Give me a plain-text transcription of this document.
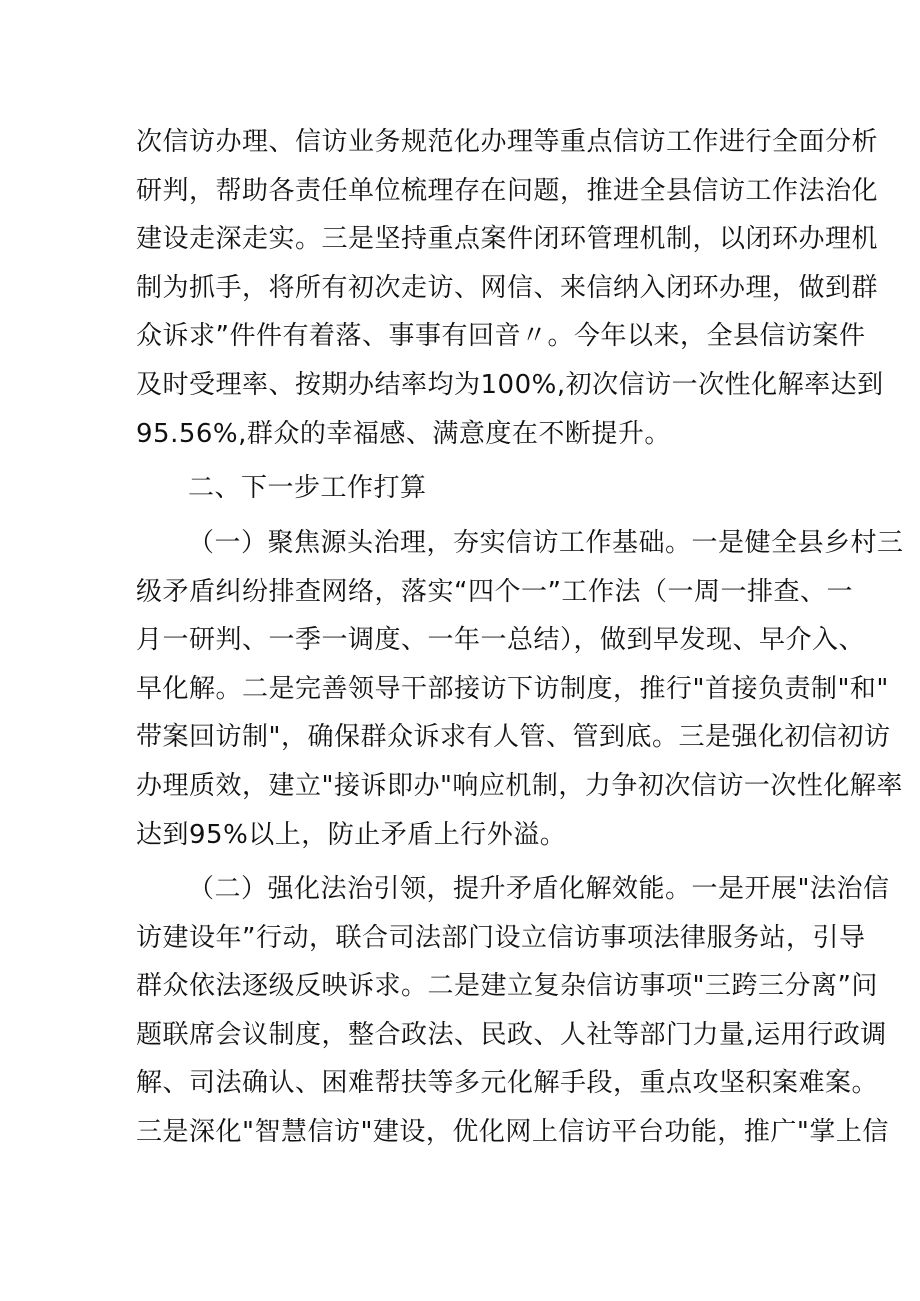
次信访办理、信访业务规范化办理等重点信访工作进行全面分析
研判，帮助各责任单位梳理存在问题，推进全县信访工作法治化
建设走深走实。三是坚持重点案件闭环管理机制，以闭环办理机
制为抓手，将所有初次走访、网信、来信纳入闭环办理，做到群
众诉求”件件有着落、事事有回音〃。今年以来，全县信访案件
及时受理率、按期办结率均为100%,初次信访一次性化解率达到
95.56%,群众的幸福感、满意度在不断提升。
二、下一步工作打算
（一）聚焦源头治理，夯实信访工作基础。一是健全县乡村三
级矛盾纠纷排查网络，落实“四个一”工作法（一周一排查、一
月一研判、一季一调度、一年一总结），做到早发现、早介入、
早化解。二是完善领导干部接访下访制度，推行"首接负责制"和"
带案回访制"，确保群众诉求有人管、管到底。三是强化初信初访
办理质效，建立"接诉即办"响应机制，力争初次信访一次性化解率
达到95%以上，防止矛盾上行外溢。
（二）强化法治引领，提升矛盾化解效能。一是开展"法治信
访建设年”行动，联合司法部门设立信访事项法律服务站，引导
群众依法逐级反映诉求。二是建立复杂信访事项"三跨三分离”问
题联席会议制度，整合政法、民政、人社等部门力量,运用行政调
解、司法确认、困难帮扶等多元化解手段，重点攻坚积案难案。
三是深化"智慧信访"建设，优化网上信访平台功能，推广"掌上信
